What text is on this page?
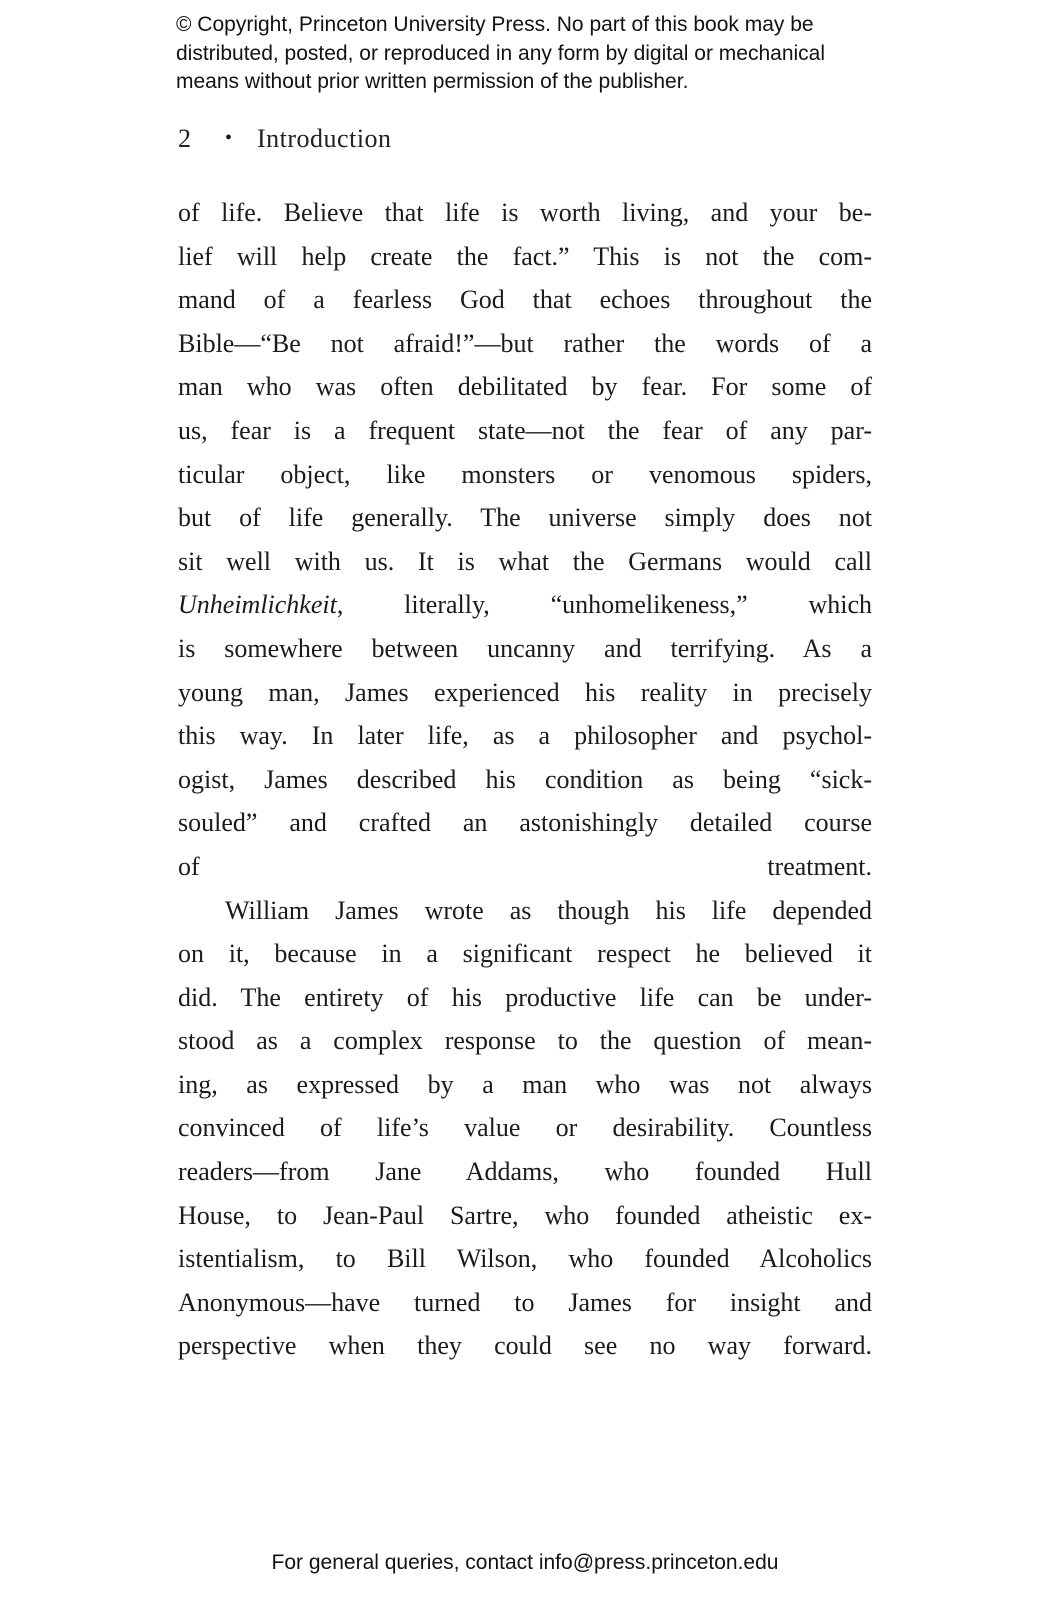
© Copyright, Princeton University Press. No part of this book may be
distributed, posted, or reproduced in any form by digital or mechanical
means without prior written permission of the publisher.
2 • Introduction
of life. Believe that life is worth living, and your be-
lief will help create the fact.” This is not the com-
mand of a fearless God that echoes throughout the
Bible—“Be not afraid!”—but rather the words of a
man who was often debilitated by fear. For some of
us, fear is a frequent state—not the fear of any par-
ticular object, like monsters or venomous spiders,
but of life generally. The universe simply does not
sit well with us. It is what the Germans would call
Unheimlichkeit, literally, “unhomelikeness,” which
is somewhere between uncanny and terrifying. As a
young man, James experienced his reality in precisely
this way. In later life, as a philosopher and psychol-
ogist, James described his condition as being “sick-
souled” and crafted an astonishingly detailed course
of treatment.
William James wrote as though his life depended
on it, because in a significant respect he believed it
did. The entirety of his productive life can be under-
stood as a complex response to the question of mean-
ing, as expressed by a man who was not always
convinced of life’s value or desirability. Countless
readers—from Jane Addams, who founded Hull
House, to Jean-Paul Sartre, who founded atheistic ex-
istentialism, to Bill Wilson, who founded Alcoholics
Anonymous—have turned to James for insight and
perspective when they could see no way forward.
For general queries, contact info@press.princeton.edu
